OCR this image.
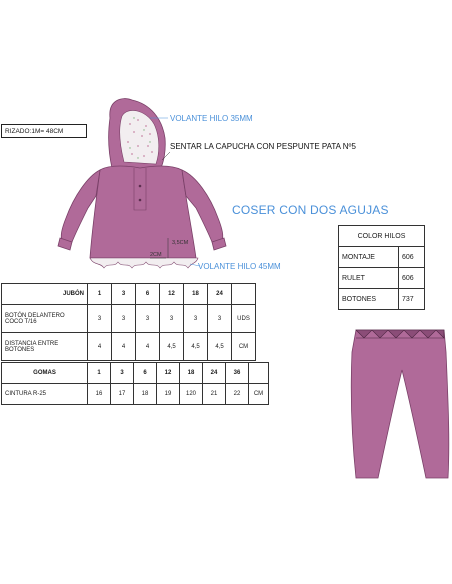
RIZADO:1M= 48CM
VOLANTE HILO 35MM
SENTAR LA CAPUCHA CON PESPUNTE PATA Nº5
COSER CON DOS AGUJAS
3,5CM
2CM
VOLANTE HILO 45MM
COLOR HILOS	
MONTAJE	606
RULET	606
BOTONES	737
JUBÓN	1	3	6	12	18	24	
BOTÓN DELANTERO COCO T/16	3	3	3	3	3	3	UDS
DISTANCIA ENTRE BOTONES	4	4	4	4,5	4,5	4,5	CM
GOMAS	1	3	6	12	18	24	36	
CINTURA R-25	16	17	18	19	120	21	22	CM
